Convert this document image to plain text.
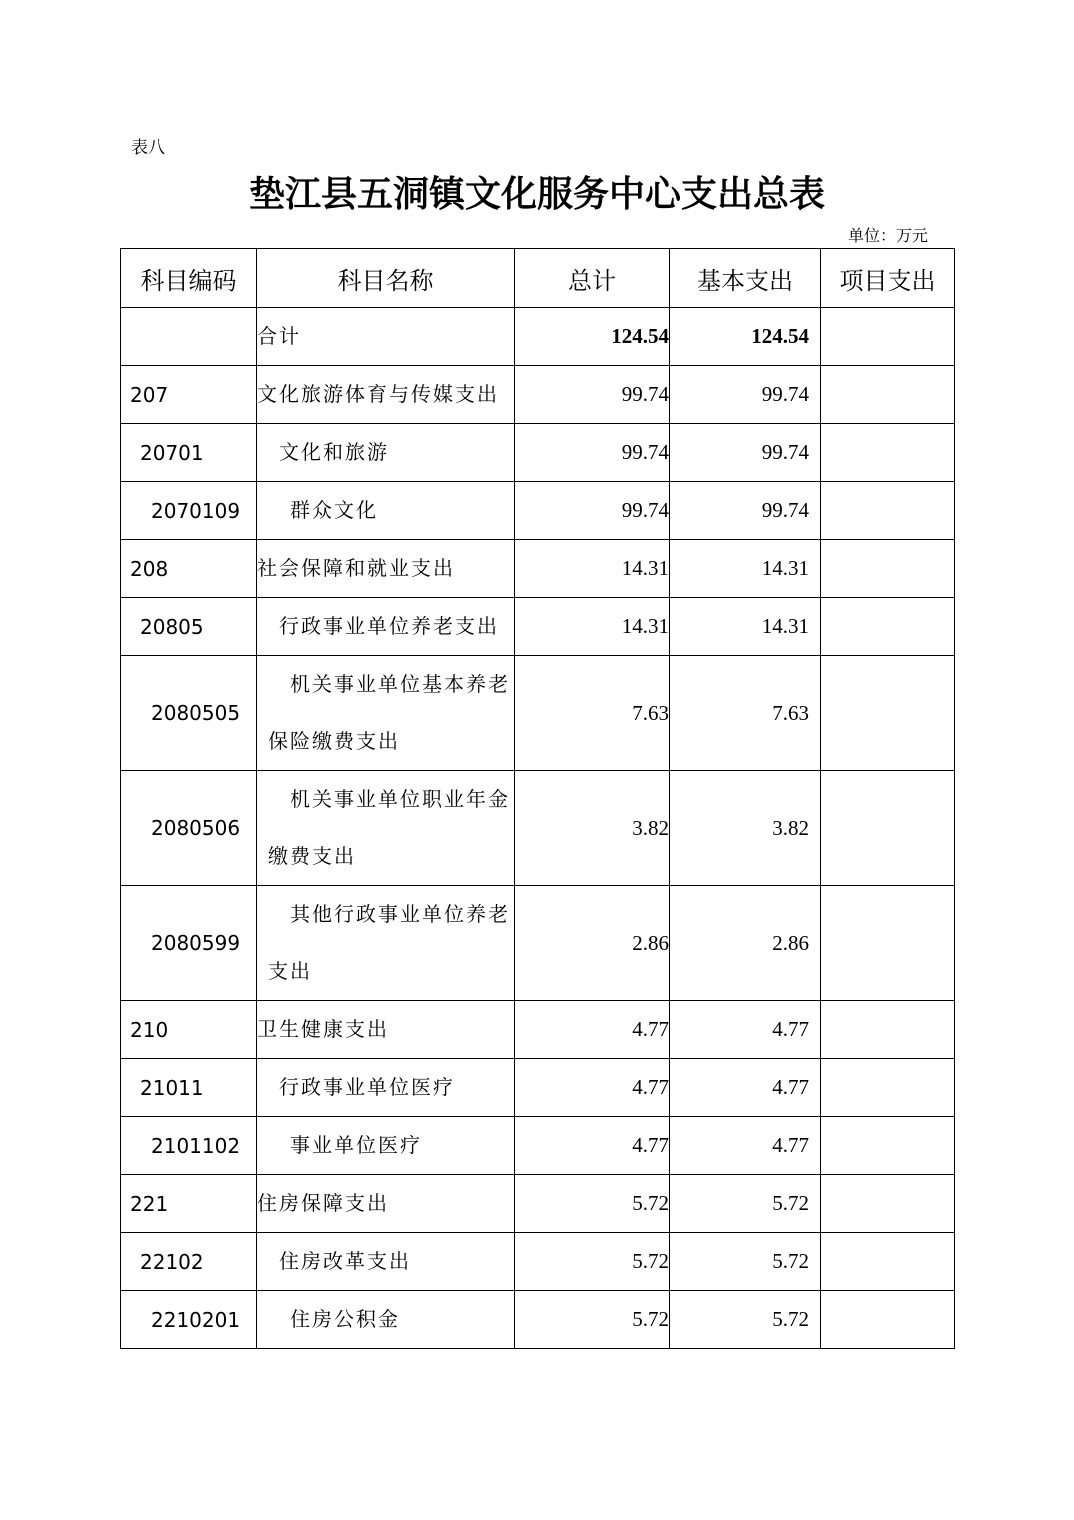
表八
垫江县五洞镇文化服务中心支出总表
单位：万元
科目编码	科目名称	总计	基本支出	项目支出
	合计	124.54	124.54	
207	文化旅游体育与传媒支出	99.74	99.74	
20701	文化和旅游	99.74	99.74	
2070109	群众文化	99.74	99.74	
208	社会保障和就业支出	14.31	14.31	
20805	行政事业单位养老支出	14.31	14.31	
2080505	机关事业单位基本养老保险缴费支出	7.63	7.63	
2080506	机关事业单位职业年金缴费支出	3.82	3.82	
2080599	其他行政事业单位养老支出	2.86	2.86	
210	卫生健康支出	4.77	4.77	
21011	行政事业单位医疗	4.77	4.77	
2101102	事业单位医疗	4.77	4.77	
221	住房保障支出	5.72	5.72	
22102	住房改革支出	5.72	5.72	
2210201	住房公积金	5.72	5.72	
